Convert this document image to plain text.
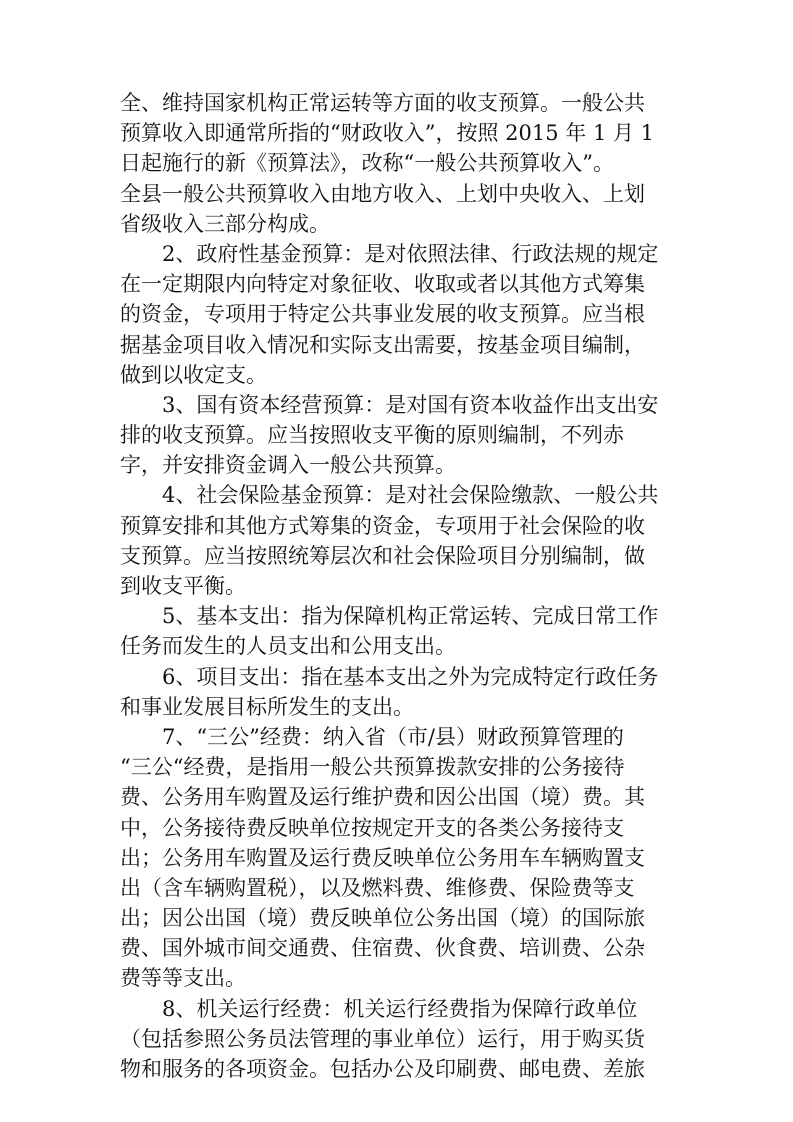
全、维持国家机构正常运转等方面的收支预算。一般公共
预算收入即通常所指的“财政收入”，按照 2015 年 1 月 1
日起施行的新《预算法》，改称“一般公共预算收入”。
全县一般公共预算收入由地方收入、上划中央收入、上划
省级收入三部分构成。
2、政府性基金预算：是对依照法律、行政法规的规定
在一定期限内向特定对象征收、收取或者以其他方式筹集
的资金，专项用于特定公共事业发展的收支预算。应当根
据基金项目收入情况和实际支出需要，按基金项目编制，
做到以收定支。
3、国有资本经营预算：是对国有资本收益作出支出安
排的收支预算。应当按照收支平衡的原则编制，不列赤
字，并安排资金调入一般公共预算。
4、社会保险基金预算：是对社会保险缴款、一般公共
预算安排和其他方式筹集的资金，专项用于社会保险的收
支预算。应当按照统筹层次和社会保险项目分别编制，做
到收支平衡。
5、基本支出：指为保障机构正常运转、完成日常工作
任务而发生的人员支出和公用支出。
6、项目支出：指在基本支出之外为完成特定行政任务
和事业发展目标所发生的支出。
7、“三公”经费：纳入省（市/县）财政预算管理的
“三公“经费，是指用一般公共预算拨款安排的公务接待
费、公务用车购置及运行维护费和因公出国（境）费。其
中，公务接待费反映单位按规定开支的各类公务接待支
出；公务用车购置及运行费反映单位公务用车车辆购置支
出（含车辆购置税），以及燃料费、维修费、保险费等支
出；因公出国（境）费反映单位公务出国（境）的国际旅
费、国外城市间交通费、住宿费、伙食费、培训费、公杂
费等等支出。
8、机关运行经费：机关运行经费指为保障行政单位
（包括参照公务员法管理的事业单位）运行，用于购买货
物和服务的各项资金。包括办公及印刷费、邮电费、差旅
